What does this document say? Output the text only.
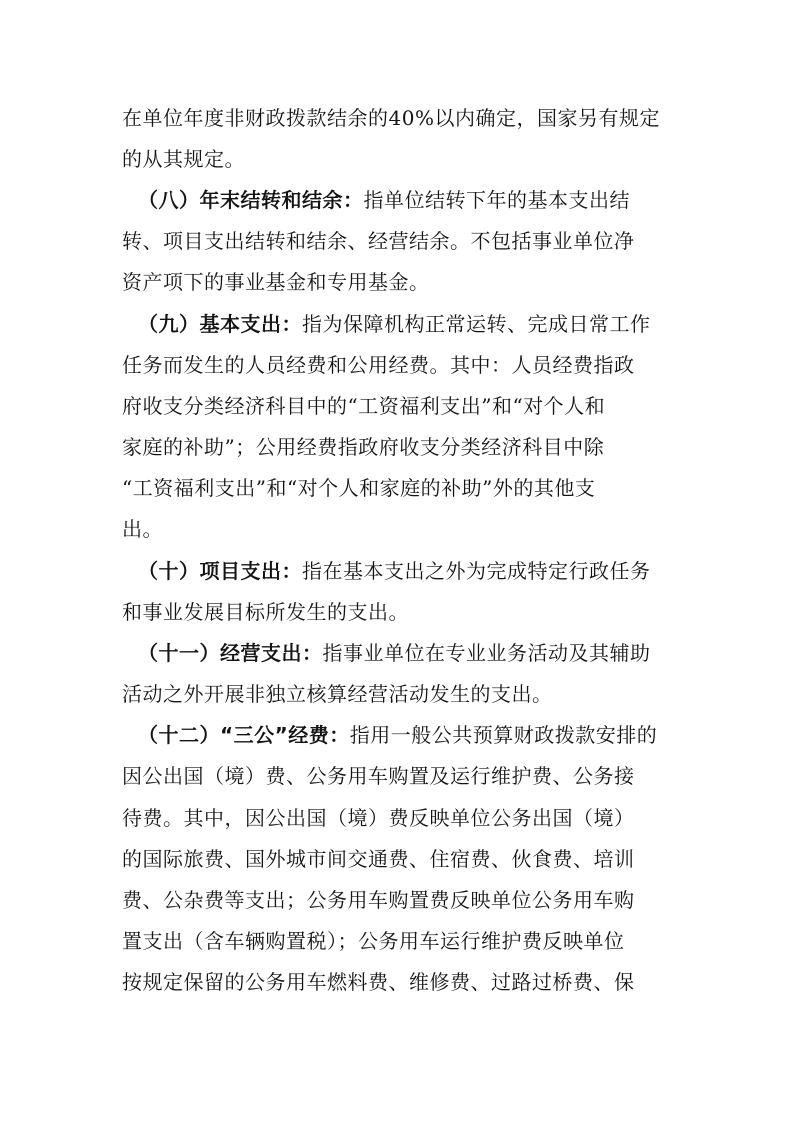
在单位年度非财政拨款结余的40%以内确定，国家另有规定
的从其规定。
（八）年末结转和结余：指单位结转下年的基本支出结
转、项目支出结转和结余、经营结余。不包括事业单位净
资产项下的事业基金和专用基金。
（九）基本支出：指为保障机构正常运转、完成日常工作
任务而发生的人员经费和公用经费。其中：人员经费指政
府收支分类经济科目中的“工资福利支出”和“对个人和
家庭的补助”；公用经费指政府收支分类经济科目中除
“工资福利支出”和“对个人和家庭的补助”外的其他支
出。
（十）项目支出：指在基本支出之外为完成特定行政任务
和事业发展目标所发生的支出。
（十一）经营支出：指事业单位在专业业务活动及其辅助
活动之外开展非独立核算经营活动发生的支出。
（十二）“三公”经费：指用一般公共预算财政拨款安排的
因公出国（境）费、公务用车购置及运行维护费、公务接
待费。其中，因公出国（境）费反映单位公务出国（境）
的国际旅费、国外城市间交通费、住宿费、伙食费、培训
费、公杂费等支出；公务用车购置费反映单位公务用车购
置支出（含车辆购置税）；公务用车运行维护费反映单位
按规定保留的公务用车燃料费、维修费、过路过桥费、保
